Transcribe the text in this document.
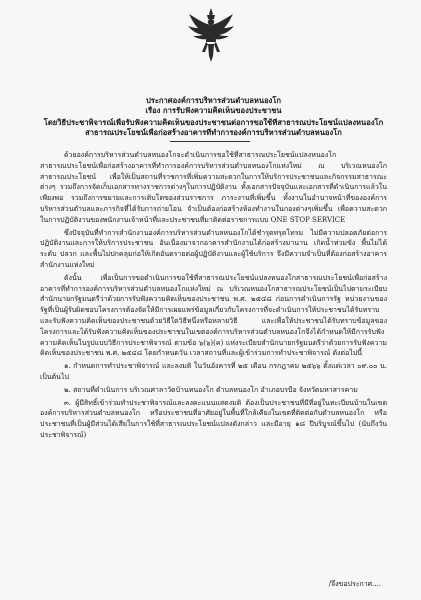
ประกาศองค์การบริหารส่วนตำบลหนองโก

เรื่อง การรับฟังความคิดเห็นของประชาชน

โดยวิธีประชาพิจารณ์เพื่อรับฟังความคิดเห็นของประชาชนต่อการขอใช้ที่สาธารณประโยชน์แปลงหนองโก

สาธารณประโยชน์เพื่อก่อสร้างอาคารที่ทำการองค์การบริหารส่วนตำบลหนองโก

ด้วยองค์การบริหารส่วนตำบลหนองโกจะดำเนินการขอใช้ที่สาธารณประโยชน์แปลงหนองโก สาธารณประโยชน์เพื่อก่อสร้างอาคารที่ทำการองค์การบริหารส่วนตำบลหนองโกแห่งใหม่ ณ บริเวณหนองโก สาธารณประโยชน์ เพื่อให้เป็นสถานที่ราชการที่เพิ่มความสะดวกในการให้บริการประชาชนและกิจกรรมสาธารณะต่างๆ รวมถึงการจัดเก็บเอกสารทางราชการต่างๆในการปฏิบัติงาน ทั้งเอกสารปัจจุบันและเอกสารที่ดำเนินการแล้วในเพียงพอ รวมถึงการขยายและการเติบโตของส่วนราชการ ภาระงานที่เพิ่มขึ้น ทั้งงานในอำนาจหน้าที่ขององค์การบริหารส่วนตำบลและภารกิจที่ได้รับการถ่ายโอน จำเป็นต้องก่อสร้างห้องทำงานในกองต่างๆเพิ่มขึ้น เพื่อความสะดวกในการปฏิบัติงานของพนักงานเจ้าหน้าที่และประชาชนที่มาติดต่อราชการแบบ ONE STOP SERVICE

ซึ่งปัจจุบันที่ทำการสำนักงานองค์การบริหารส่วนตำบลหนองโกได้ชำรุดทรุดโทรม ไม่มีความปลอดภัยต่อการปฏิบัติงานและการให้บริการประชาชน อันเนื่องมาจากอาคารสำนักงานได้ก่อสร้างมานาน เกิดน้ำท่วมขัง พื้นไม่ได้ระดับ ปลวก และพื้นไม่ปกคลุมก่อให้เกิดอันตรายต่อผู้ปฏิบัติงานและผู้ใช้บริการ จึงมีความจำเป็นที่ต้องก่อสร้างอาคารสำนักงานแห่งใหม่

ดังนั้น เพื่อเป็นการขอดำเนินการขอใช้ที่สาธารณประโยชน์แปลงหนองโกสาธารณประโยชน์เพื่อก่อสร้างอาคารที่ทำการองค์การบริหารส่วนตำบลหนองโกแห่งใหม่ ณ บริเวณหนองโกสาธารณประโยชน์เป็นไปตามระเบียบสำนักนายกรัฐมนตรีว่าด้วยการรับฟังความคิดเห็นของประชาชน พ.ศ. ๒๕๔๘ ก่อนการดำเนินการรัฐ หน่วยงานของรัฐที่เป็นผู้รับผิดชอบโครงการต้องจัดให้มีการเผยแพร่ข้อมูลเกี่ยวกับโครงการที่จะดำเนินการให้ประชาชนได้รับทราบและรับฟังความคิดเห็นของประชาชนด้วยวิธีใดวิธีหนึ่งหรือหลายวิธี และเพื่อให้ประชาชนได้รับทราบข้อมูลของโครงการและได้รับฟังความคิดเห็นของประชาชนในเขตองค์การบริหารส่วนตำบลหนองโกจึงได้กำหนดให้มีการรับฟังความคิดเห็นในรูปแบบวิธีการประชาพิจารณ์ ตามข้อ ๖(๖)(ค) แห่งระเบียบสำนักนายกรัฐมนตรีว่าด้วยการรับฟังความคิดเห็นของประชาชน พ.ศ. ๒๕๔๘ โดยกำหนดวัน เวลาสถานที่และผู้เข้าร่วมการทำประชาพิจารณ์ ดังต่อไปนี้

๑. กำหนดการทำประชาพิจารณ์ และลงมติ ในวันอังคารที่ ๒๕ เดือน กรกฎาคม ๒๕๖๖ ตั้งแต่เวลา ๐๙.๐๐ น. เป็นต้นไป

๒. สถานที่ดำเนินการ บริเวณศาลาวัดบ้านหนองโก ตำบลหนองโก อำเภอบรบือ จังหวัดมหาสารคาม

๓. ผู้มีสิทธิ์เข้าร่วมทำประชาพิจารณ์และลงคะแนนแสดงมติ ต้องเป็นประชาชนที่มีที่อยู่ในทะเบียนบ้านในเขตองค์การบริหารส่วนตำบลหนองโก หรือประชาชนที่อาศัยอยู่ในพื้นที่ใกล้เคียงในเขตที่ติดต่อกับตำบลหนองโก หรือประชาชนที่เป็นผู้มีส่วนได้เสียในการใช้ที่สาธารณประโยชน์แปลงดังกล่าว และมีอายุ ๑๘ ปีบริบูรณ์ขึ้นไป (นับถึงวันประชาพิจารณ์)

/จึงขอประกาศ....
